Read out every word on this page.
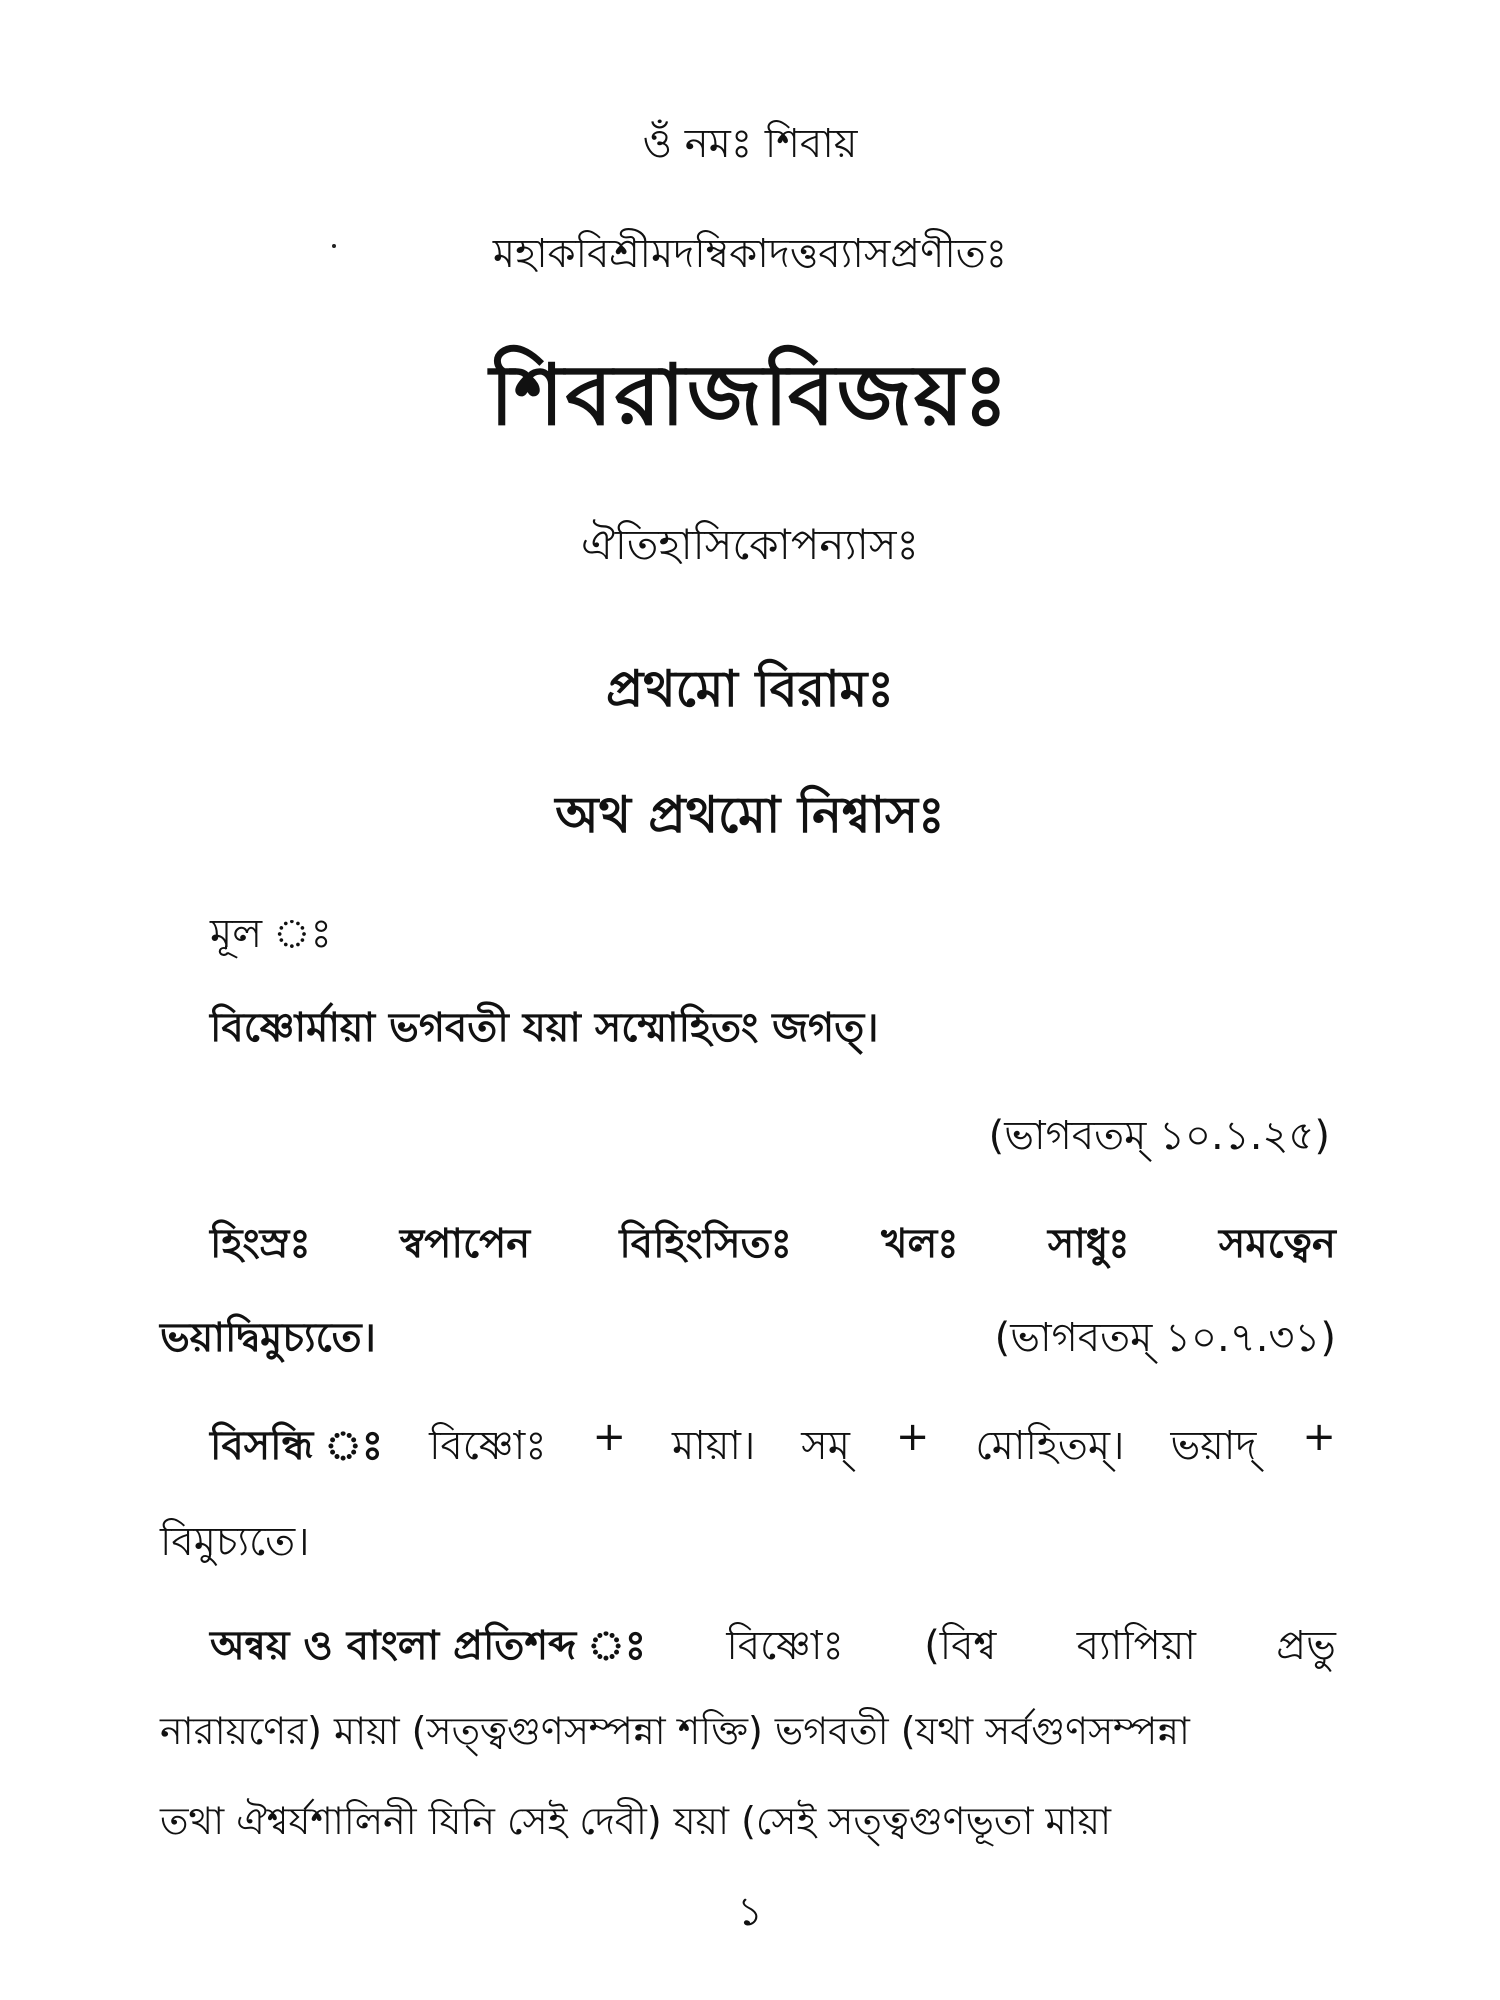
ওঁ নমঃ শিবায়
মহাকবিশ্রীমদম্বিকাদত্তব্যাসপ্রণীতঃ
শিবরাজবিজয়ঃ
ঐতিহাসিকোপন্যাসঃ
প্রথমো বিরামঃ
অথ প্রথমো নিশ্বাসঃ
মূল ঃ
বিষ্ণোর্মায়া ভগবতী যয়া সম্মোহিতং জগত্।
(ভাগবতম্ ১০.১.২৫)
হিংস্রঃ স্বপাপেন বিহিংসিতঃ খলঃ সাধুঃ সমত্বেন
ভয়াদ্বিমুচ্যতে।	(ভাগবতম্ ১০.৭.৩১)
বিসন্ধি ঃ বিষ্ণোঃ + মায়া। সম্ + মোহিতম্। ভয়াদ্ +
বিমুচ্যতে।
অন্বয় ও বাংলা প্রতিশব্দ ঃ বিষ্ণোঃ (বিশ্ব ব্যাপিয়া প্রভু
নারায়ণের) মায়া (সত্ত্বগুণসম্পন্না শক্তি) ভগবতী (যথা সর্বগুণসম্পন্না
তথা ঐশ্বর্যশালিনী যিনি সেই দেবী) যয়া (সেই সত্ত্বগুণভূতা মায়া
১
